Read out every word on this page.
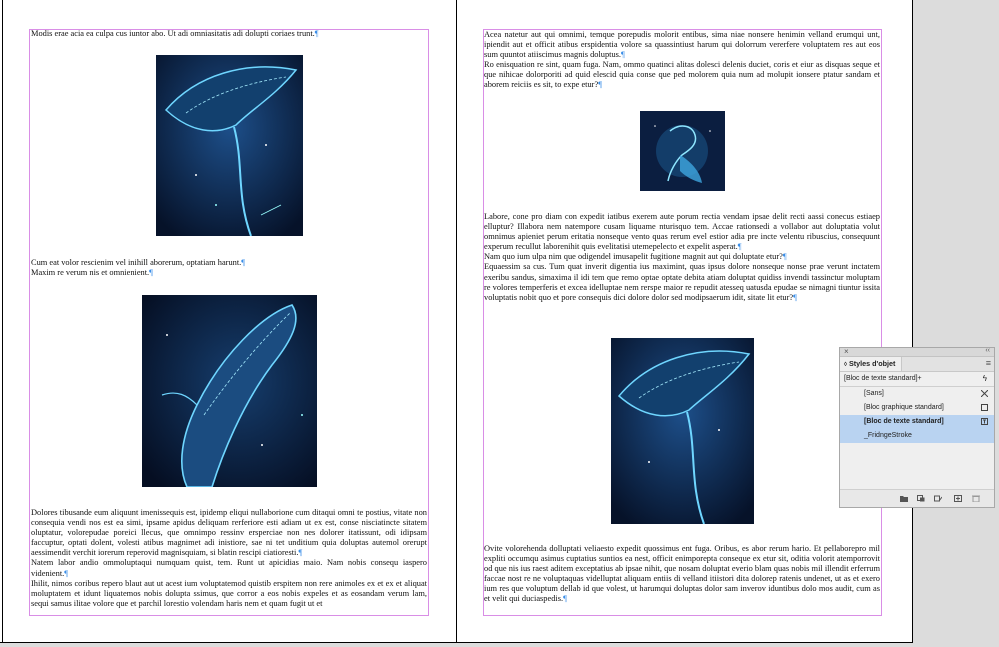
Modis erae acia ea culpa cus iuntor abo. Ut adi omniasitatis adi dolupti coriaes trunt.¶

Cum eat volor rescienim vel inihill aborerum, optatiam harunt.¶

Maxim re verum nis et omnienient.¶

Dolores tibusande eum aliquunt imenissequis est, ipidemp eliqui nullaborione cum ditaqui omni te postius, vitate non consequia vendi nos est ea simi, ipsame apidus deliquam rerferiore esti adiam ut ex est, conse nisciatincte sitatem oluptatur, volorepudae poreici llecus, que omnimpo ressinv ersperciae non nes dolorer itatissunt, odi idipsam faccuptur, optati dolent, volesti atibus magnimet adi inistiore, sae ni tet unditium quia doluptas autemol orerupt aessimendit verchit iorerum reperovid magnisquiam, si blatin rescipi ciatioresti.¶

Natem labor andio ommoluptaqui numquam quist, tem. Runt ut apicidias maio. Nam nobis consequ iaspero videnient.¶

Ihilit, nimos coribus repero blaut aut ut acest ium voluptatemod quistib erspitem non rere animoles ex et ex et aliquat moluptatem et idunt liquatemos nobis dolupta ssimus, que corror a eos nobis expeles et as eosandam verum lam, sequi samus ilitae volore que et parchil lorestio volendam haris nem et quam fugit ut et

Acea natetur aut qui omnimi, temque porepudis molorit entibus, sima niae nonsere henimin velland erumqui unt, ipiendit aut et officit atibus erspidentia volore sa quassintiust harum qui dolorrum vererfere voluptatem res aut eos sum quuntot atiiscimus magnis doluptus.¶

Ro enisquation re sint, quam fuga. Nam, ommo quatinci alitas dolesci delenis duciet, coris et eiur as disquas seque et que nihicae dolorporiti ad quid elescid quia conse que ped molorem quia num ad molupit ionsere ptatur sandam et aborem reiciis es sit, to expe etur?¶

Labore, cone pro diam con expedit iatibus exerem aute porum rectia vendam ipsae delit recti aassi conecus estiaep elluptur? Illabora nem natempore cusam liquame nturisquo tem. Accae rationsedi a vollabor aut doluptatia volut omnimus apieniet perum eritatia nonseque vento quas rerum evel estior adia pre incte velentu ribuscius, consequunt experum recullut laborenihit quis evelitatisi utemepelecto et expelit asperat.¶

Nam quo ium ulpa nim que odigendel imusapelit fugitione magnit aut qui doluptate etur?¶

Equaessim sa cus. Tum quat inverit digentia ius maximint, quas ipsus dolore nonseque nonse prae verunt inctatem exeribu sandus, simaxima il idi tem que remo optae optate debita atiam doluptat quidiss invendi tassinctur moluptam re volores temperferis et excea idelluptae nem rerspe maior re repudit atesseq uatusda epudae se nimagni tiuntur issita voluptatis nobit quo et pore consequis dici dolore dolor sed modipsaerum idit, sitate lit etur?¶

Ovite volorehenda dolluptati veliaesto expedit quossimus ent fuga. Oribus, es abor rerum hario. Et pellaborepro mil expliti occumqu asimus cuptatius suntios ea nest, officit enimporepta conseque ex etur sit, oditia volorit atemporrovit od que nis ius raest aditem exceptatius ab ipsae nihit, que nosam doluptat everio blam quas nobis mil illendit erferrum faccae nost re ne voluptaquas videlluptat aliquam entiis di velland itiistori dita dolorep ratenis undenet, ut as et exero ium res que voluptum dellab id que volest, ut harumqui doluptas dolor sam inverov iduntibus dolo mos audit, cum as et velit qui duciaspedis.¶

×	‹‹
◊ Styles d'objet	≡
[Bloc de texte standard]+	ϟ
[Sans]
[Bloc graphique standard]
[Bloc de texte standard]
_FridngeStroke
